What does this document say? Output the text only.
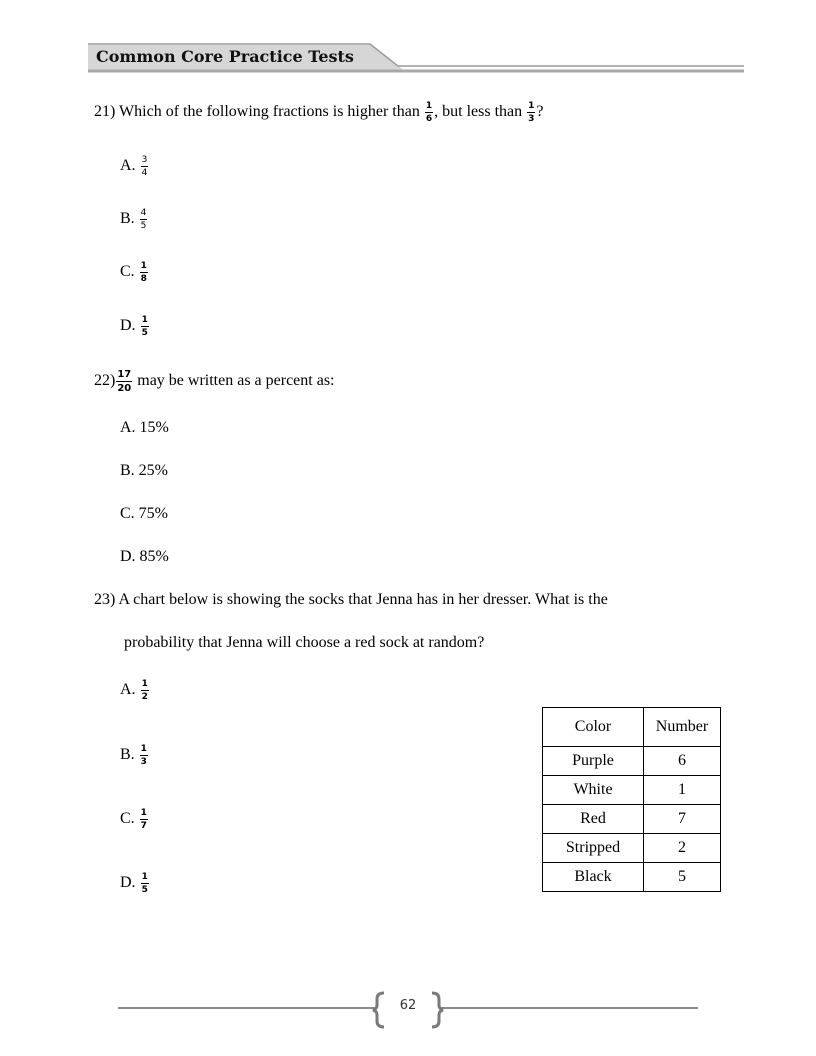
Common Core Practice Tests
21) Which of the following fractions is higher than $\frac{1}{6}$ , but less than $\frac{1}{3}$ ?
A. $\frac{3}{4}$
B. $\frac{4}{5}$
C. $\frac{1}{8}$
D. $\frac{1}{5}$
$22) \frac{17}{20}$ may be written as a percent as:
A. 15%
B. 25%
C. 75%
D. 85%
23) A chart below is showing the socks that Jenna has in her dresser. What is the
probability that Jenna will choose a red sock at random?
A. $\frac{1}{2}$
B. $\frac{1}{3}$
C. $\frac{1}{7}$
D. $\frac{1}{5}$
Color	Number
Purple	6
White	1
Red	7
Stripped	2
Black	5
62
